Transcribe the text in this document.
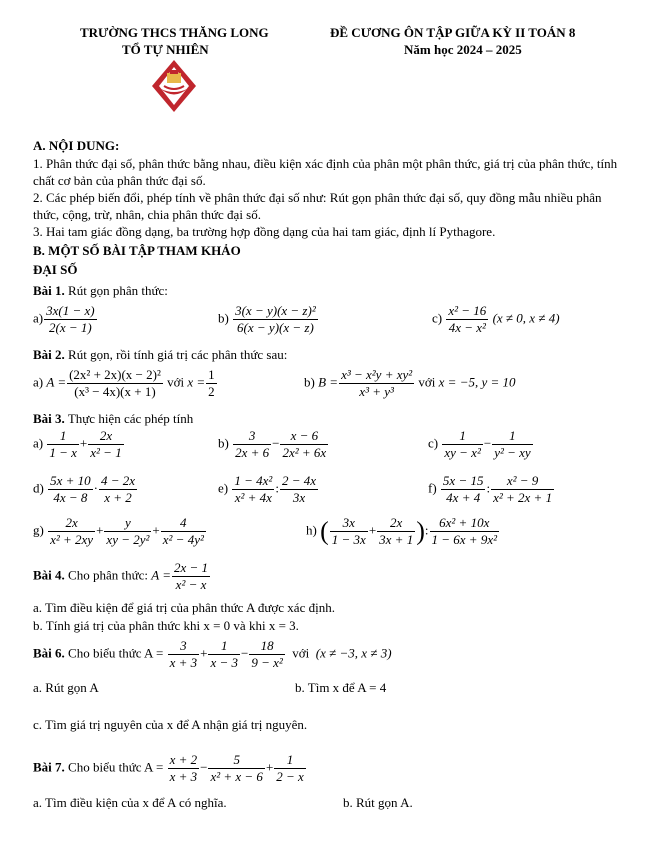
TRƯỜNG THCS THĂNG LONG
TỔ TỰ NHIÊN
ĐỀ CƯƠNG ÔN TẬP GIỮA KỲ II TOÁN 8
Năm học 2024 – 2025
A. NỘI DUNG:
1. Phân thức đại số, phân thức bằng nhau, điều kiện xác định của phân một phân thức, giá trị của phân thức, tính chất cơ bản của phân thức đại số.
2. Các phép biến đổi, phép tính về phân thức đại số như: Rút gọn phân thức đại số, quy đồng mẫu nhiều phân thức, cộng, trừ, nhân, chia phân thức đại số.
3. Hai tam giác đồng dạng, ba trường hợp đồng dạng của hai tam giác, định lí Pythagore.
B. MỘT SỐ BÀI TẬP THAM KHẢO
ĐẠI SỐ
Bài 1. Rút gọn phân thức:
$a) \frac{3x(1 - x)}{2(x - 1)}$	$b) \frac{\text{3(x − y)(x − z)²}}{6(x - y)(x - z)}$	$c) \frac{\text{x² − 16}}{\text{4x − x²}} (x \ne 0$, x ≠ 4)
Bài 2. Rút gọn, rồi tính giá trị các phân thức sau:
a) $A = \frac{\text{(2x² + 2x)(x − 2)²}}{\text{(x³ − 4x)(x + 1)}}$ với $x = \frac{1}{2}$	b) $B = \frac{\text{x³ − x²y + xy²}}{\text{x³ + y³}}$ với x = −5, y = 10
Bài 3. Thực hiện các phép tính
$a) \frac{1}{1 - x} + \frac{2x}{\text{x² − 1}}$	$b) \frac{3}{2x + 6} - \frac{x - 6}{\text{2x² + 6x}}$	$c) \frac{1}{\text{xy − x²}} - \frac{1}{\text{y² − xy}}$
$d) \frac{5x + 10}{4x - 8} \cdot \frac{4 - 2x}{x + 2}$	$e) \frac{\text{1 − 4x²}}{\text{x² + 4x}}$ : $\frac{2 - 4x}{3x}$	$f) \frac{5x - 15}{4x + 4}$ : $\frac{\text{x² − 9}}{\text{x² + 2x + 1}}$
$g) \frac{2x}{\text{x² + 2xy}} + \frac{y}{\text{xy − 2y²}} + \frac{4}{\text{x² − 4y²}}$	h) ( $\frac{3x}{1 - 3x} + \frac{2x}{3x + 1}$ ): $\frac{\text{6x² + 10x}}{\text{1 − 6x + 9x²}}$
Bài 4. Cho phân thức: $A = \frac{2x - 1}{\text{x² − x}}$
a. Tìm điều kiện để giá trị của phân thức A được xác định.
b. Tính giá trị của phân thức khi x = 0 và khi x = 3.
Bài 6. Cho biểu thức $A = \frac{3}{x + 3} + \frac{1}{x - 3} - \frac{18}{\text{9 − x²}}$ với (x ≠ −3, x ≠ 3)
a. Rút gọn A	b. Tìm x để A = 4
c. Tìm giá trị nguyên của x để A nhận giá trị nguyên.
Bài 7. Cho biểu thức $A = \frac{x + 2}{x + 3} - \frac{5}{\text{x² + x − 6}} + \frac{1}{2 - x}$
a. Tìm điều kiện của x để A có nghĩa.	b. Rút gọn A.
